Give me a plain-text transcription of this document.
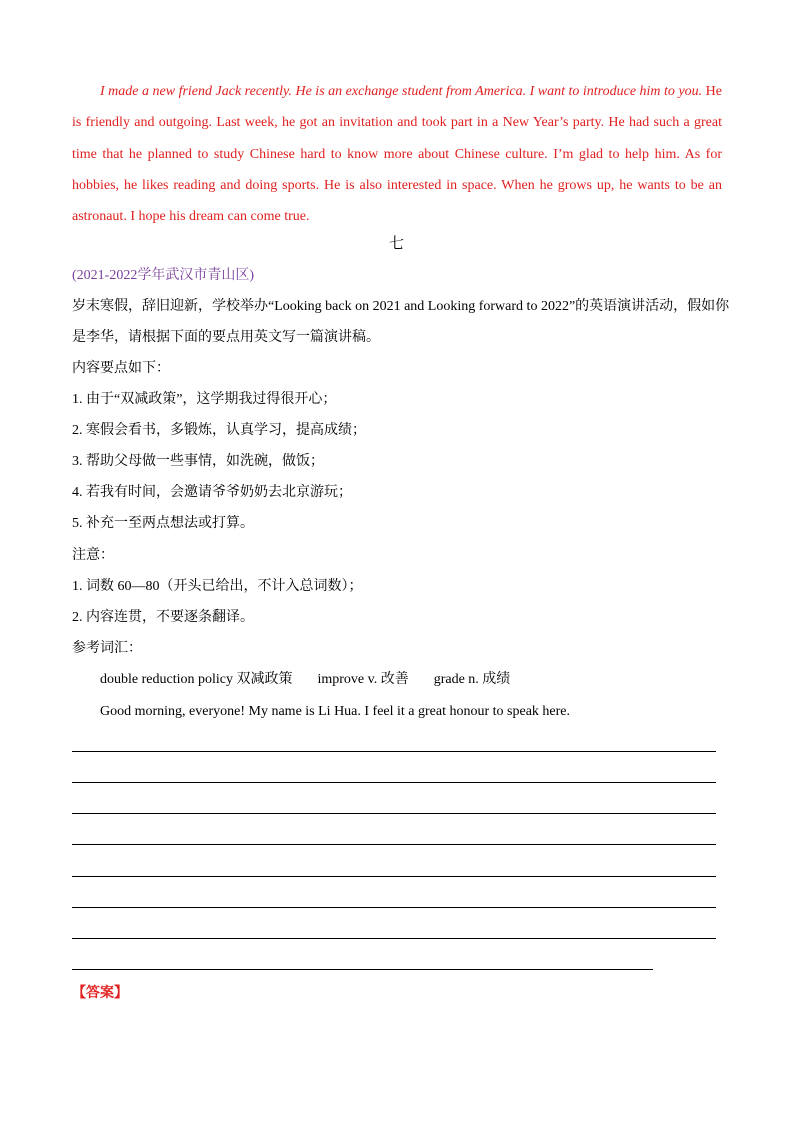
I made a new friend Jack recently. He is an exchange student from America. I want to introduce him to you. He is friendly and outgoing. Last week, he got an invitation and took part in a New Year’s party. He had such a great time that he planned to study Chinese hard to know more about Chinese culture. I’m glad to help him. As for hobbies, he likes reading and doing sports. He is also interested in space. When he grows up, he wants to be an astronaut. I hope his dream can come true.
七
(2021-2022学年武汉市青山区)
岁末寒假，辞旧迎新，学校举办“Looking back on 2021 and Looking forward to 2022”的英语演讲活动，假如你
是李华，请根据下面的要点用英文写一篇演讲稿。
内容要点如下：
1. 由于“双减政策”，这学期我过得很开心；
2. 寒假会看书，多锻炼，认真学习，提高成绩；
3. 帮助父母做一些事情，如洗碗，做饭；
4. 若我有时间，会邀请爷爷奶奶去北京游玩；
5. 补充一至两点想法或打算。
注意：
1. 词数 60—80（开头已给出，不计入总词数）；
2. 内容连贯，不要逐条翻译。
参考词汇：
double reduction policy 双减政策 improve v. 改善 grade n. 成绩
Good morning, everyone! My name is Li Hua. I feel it a great honour to speak here.
【答案】
